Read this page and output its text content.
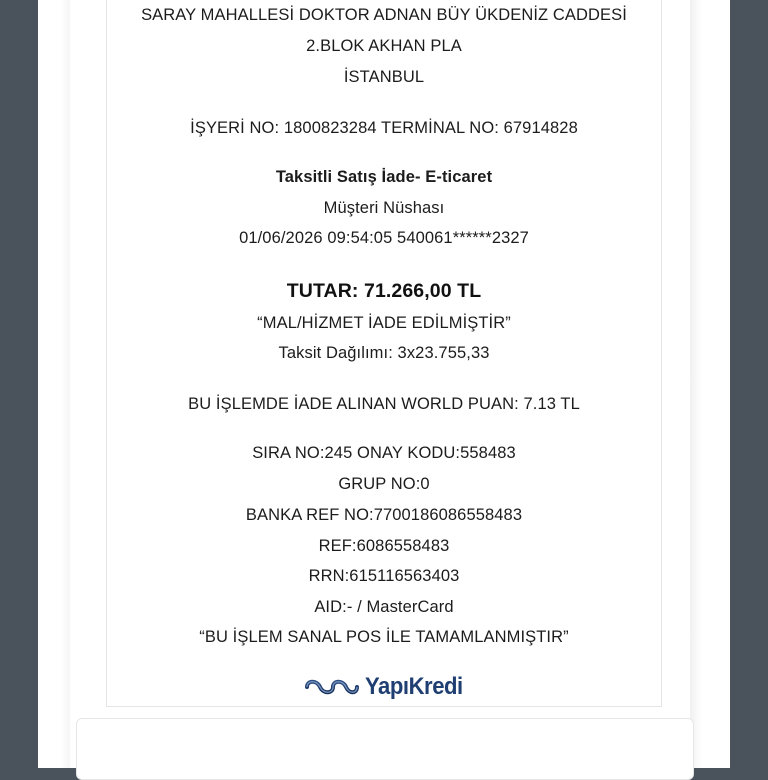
SARAY MAHALLESİ DOKTOR ADNAN BÜY ÜKDENİZ CADDESİ
2.BLOK AKHAN PLA
İSTANBUL
İŞYERİ NO: 1800823284 TERMİNAL NO: 67914828
Taksitli Satış İade- E-ticaret
Müşteri Nüshası
01/06/2026 09:54:05 540061******2327
TUTAR: 71.266,00 TL
“MAL/HİZMET İADE EDİLMİŞTİR”
Taksit Dağılımı: 3x23.755,33
BU İŞLEMDE İADE ALINAN WORLD PUAN: 7.13 TL
SIRA NO:245 ONAY KODU:558483
GRUP NO:0
BANKA REF NO:7700186086558483
REF:6086558483
RRN:615116563403
AID:- / MasterCard
“BU İŞLEM SANAL POS İLE TAMAMLANMIŞTIR”
YapıKredi
